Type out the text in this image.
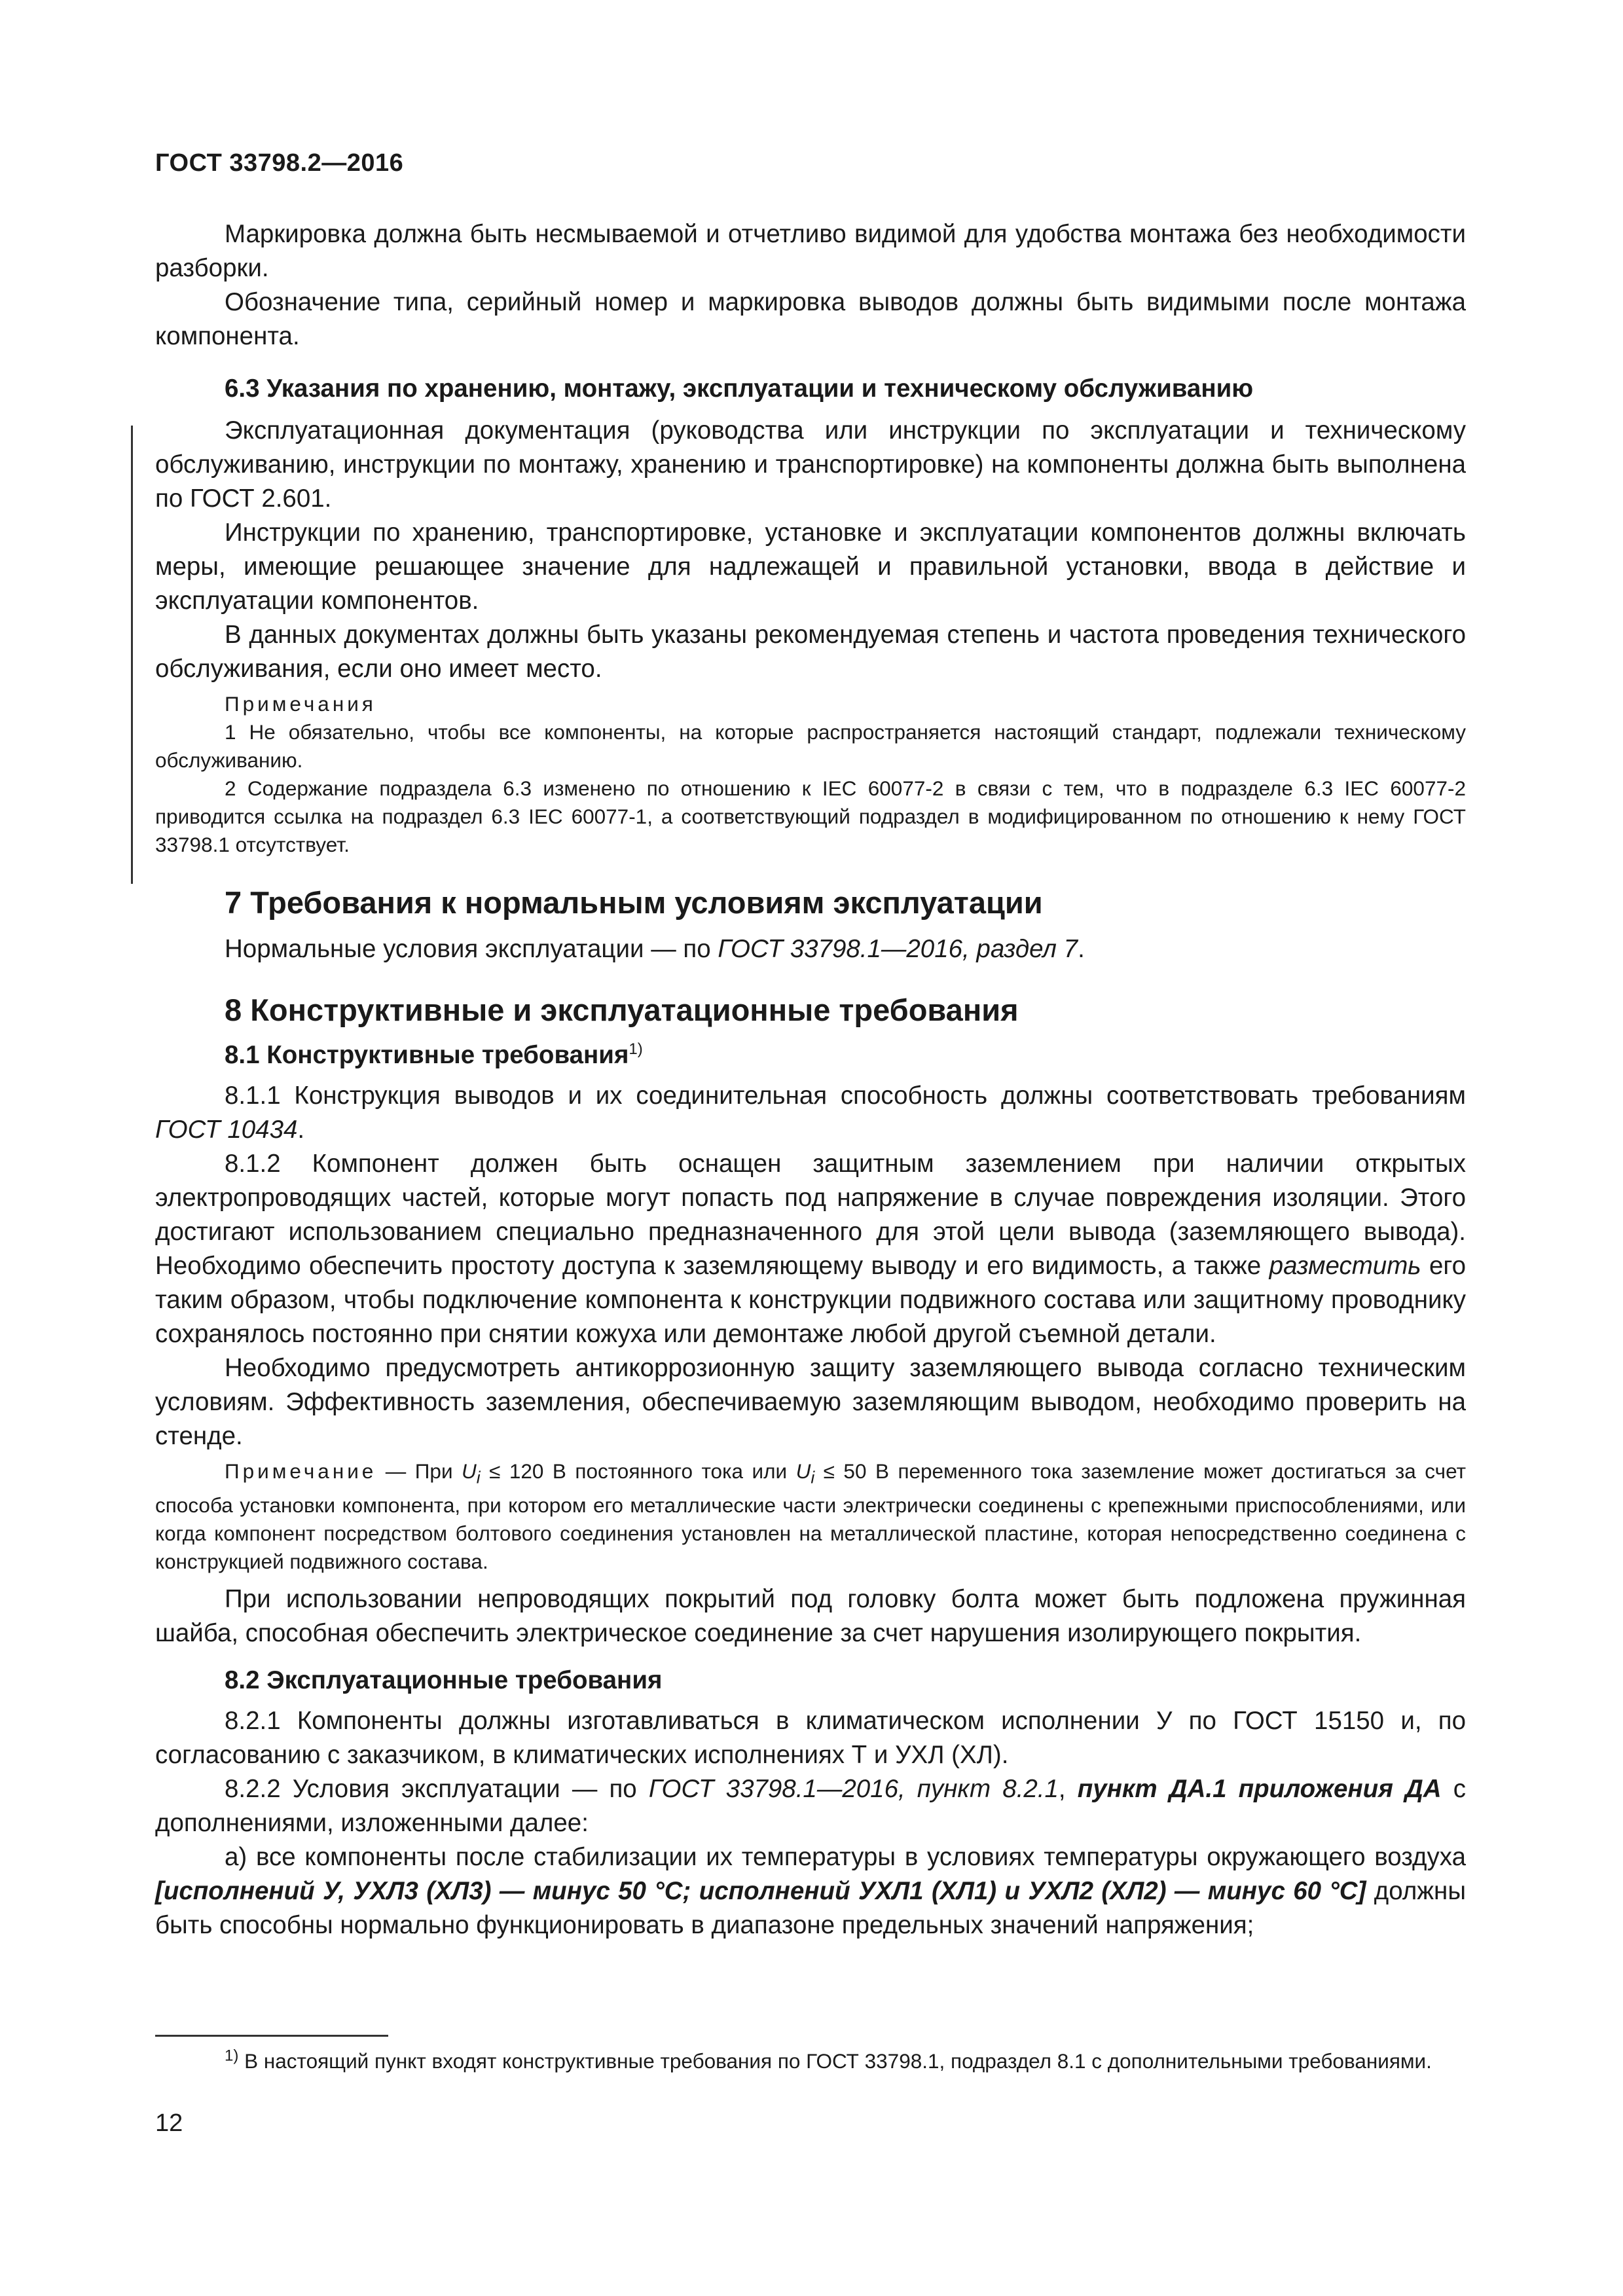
ГОСТ 33798.2—2016

Маркировка должна быть несмываемой и отчетливо видимой для удобства монтажа без необходимости разборки.

Обозначение типа, серийный номер и маркировка выводов должны быть видимыми после монтажа компонента.

6.3 Указания по хранению, монтажу, эксплуатации и техническому обслуживанию

Эксплуатационная документация (руководства или инструкции по эксплуатации и техническому обслуживанию, инструкции по монтажу, хранению и транспортировке) на компоненты должна быть выполнена по ГОСТ 2.601.

Инструкции по хранению, транспортировке, установке и эксплуатации компонентов должны включать меры, имеющие решающее значение для надлежащей и правильной установки, ввода в действие и эксплуатации компонентов.

В данных документах должны быть указаны рекомендуемая степень и частота проведения технического обслуживания, если оно имеет место.

Примечания

1 Не обязательно, чтобы все компоненты, на которые распространяется настоящий стандарт, подлежали техническому обслуживанию.

2 Содержание подраздела 6.3 изменено по отношению к IEC 60077-2 в связи с тем, что в подразделе 6.3 IEC 60077-2 приводится ссылка на подраздел 6.3 IEC 60077-1, а соответствующий подраздел в модифицированном по отношению к нему ГОСТ 33798.1 отсутствует.

7 Требования к нормальным условиям эксплуатации

Нормальные условия эксплуатации — по ГОСТ 33798.1—2016, раздел 7.

8 Конструктивные и эксплуатационные требования

8.1 Конструктивные требования$^{1)}$

8.1.1 Конструкция выводов и их соединительная способность должны соответствовать требованиям ГОСТ 10434.

8.1.2 Компонент должен быть оснащен защитным заземлением при наличии открытых электропроводящих частей, которые могут попасть под напряжение в случае повреждения изоляции. Этого достигают использованием специально предназначенного для этой цели вывода (заземляющего вывода). Необходимо обеспечить простоту доступа к заземляющему выводу и его видимость, а также разместить его таким образом, чтобы подключение компонента к конструкции подвижного состава или защитному проводнику сохранялось постоянно при снятии кожуха или демонтаже любой другой съемной детали.

Необходимо предусмотреть антикоррозионную защиту заземляющего вывода согласно техническим условиям. Эффективность заземления, обеспечиваемую заземляющим выводом, необходимо проверить на стенде.

Примечание — При $U_i \le 120$ В постоянного тока или $U_i \le 50$ В переменного тока заземление может достигаться за счет способа установки компонента, при котором его металлические части электрически соединены с крепежными приспособлениями, или когда компонент посредством болтового соединения установлен на металлической пластине, которая непосредственно соединена с конструкцией подвижного состава.

При использовании непроводящих покрытий под головку болта может быть подложена пружинная шайба, способная обеспечить электрическое соединение за счет нарушения изолирующего покрытия.

8.2 Эксплуатационные требования

8.2.1 Компоненты должны изготавливаться в климатическом исполнении У по ГОСТ 15150 и, по согласованию с заказчиком, в климатических исполнениях Т и УХЛ (ХЛ).

8.2.2 Условия эксплуатации — по ГОСТ 33798.1—2016, пункт 8.2.1, пункт ДА.1 приложения ДА с дополнениями, изложенными далее:

а) все компоненты после стабилизации их температуры в условиях температуры окружающего воздуха [исполнений У, УХЛ3 (ХЛ3) — минус 50 °С; исполнений УХЛ1 (ХЛ1) и УХЛ2 (ХЛ2) — минус 60 °С] должны быть способны нормально функционировать в диапазоне предельных значений напряжения;

$^{1)}$ В настоящий пункт входят конструктивные требования по ГОСТ 33798.1, подраздел 8.1 с дополнительными требованиями.
12
